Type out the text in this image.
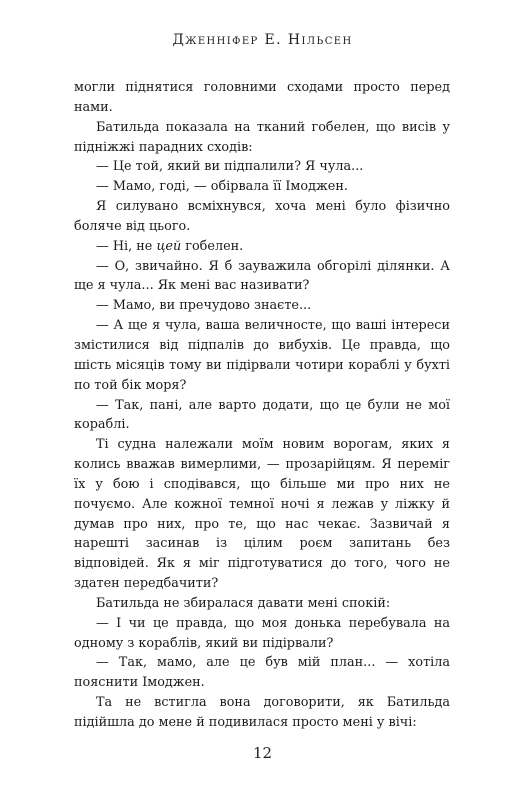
Дженніфер Е. Нільсен

могли піднятися головними сходами просто перед нами.

Батильда показала на тканий гобелен, що висів у підніжжі парадних сходів:

— Це той, який ви підпалили? Я чула...

— Мамо, годі, — обірвала її Імоджен.

Я силувано всміхнувся, хоча мені було фізично боляче від цього.

— Ні, не цей гобелен.

— О, звичайно. Я б зауважила обгорілі ділянки. А ще я чула... Як мені вас називати?

— Мамо, ви пречудово знаєте...

— А ще я чула, ваша величносте, що ваші інтереси змістилися від підпалів до вибухів. Це правда, що шість місяців тому ви підірвали чотири кораблі у бухті по той бік моря?

— Так, пані, але варто додати, що це були не мої кораблі.

Ті судна належали моїм новим ворогам, яких я колись вважав вимерлими, — прозарійцям. Я переміг їх у бою і сподівався, що більше ми про них не почуємо. Але кожної темної ночі я лежав у ліжку й думав про них, про те, що нас чекає. Зазвичай я нарешті засинав із цілим роєм запитань без відповідей. Як я міг підготуватися до того, чого не здатен передбачити?

Батильда не збиралася давати мені спокій:

— І чи це правда, що моя донька перебувала на одному з кораблів, який ви підірвали?

— Так, мамо, але це був мій план... — хотіла пояснити Імоджен.

Та не встигла вона договорити, як Батильда підійшла до мене й подивилася просто мені у вічі:

12
